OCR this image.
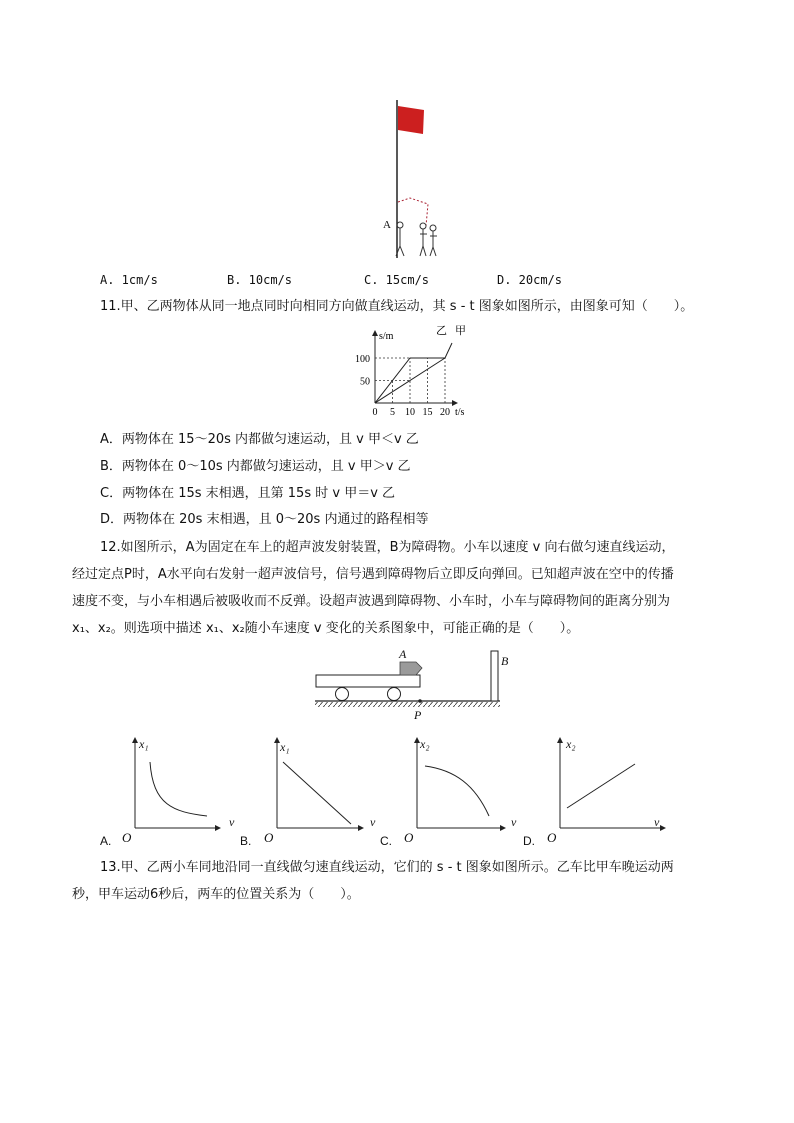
A
A. 1cm/s	B. 10cm/s	C. 15cm/s	D. 20cm/s
11.甲、乙两物体从同一地点同时向相同方向做直线运动，其 s - t 图象如图所示，由图象可知（　　）。
0 5 10 15 20
50
100
s/m
t/s
乙 甲
A．两物体在 15～20s 内都做匀速运动，且 v 甲＜v 乙
B．两物体在 0～10s 内都做匀速运动，且 v 甲＞v 乙
C．两物体在 15s 末相遇，且第 15s 时 v 甲＝v 乙
D．两物体在 20s 末相遇，且 0～20s 内通过的路程相等
12.如图所示，A为固定在车上的超声波发射装置，B为障碍物。小车以速度 v 向右做匀速直线运动，
经过定点P时，A水平向右发射一超声波信号，信号遇到障碍物后立即反向弹回。已知超声波在空中的传播
速度不变，与小车相遇后被吸收而不反弹。设超声波遇到障碍物、小车时，小车与障碍物间的距离分别为
x₁、x₂。则选项中描述 x₁、x₂随小车速度 v 变化的关系图象中，可能正确的是（　　）。
A	B
P
x₁
v
O
A.
x₁
v
O
B.
x₂
v
O
C.
x₂
v
O
D.
13.甲、乙两小车同地沿同一直线做匀速直线运动，它们的 s - t 图象如图所示。乙车比甲车晚运动两
秒，甲车运动6秒后，两车的位置关系为（　　）。
